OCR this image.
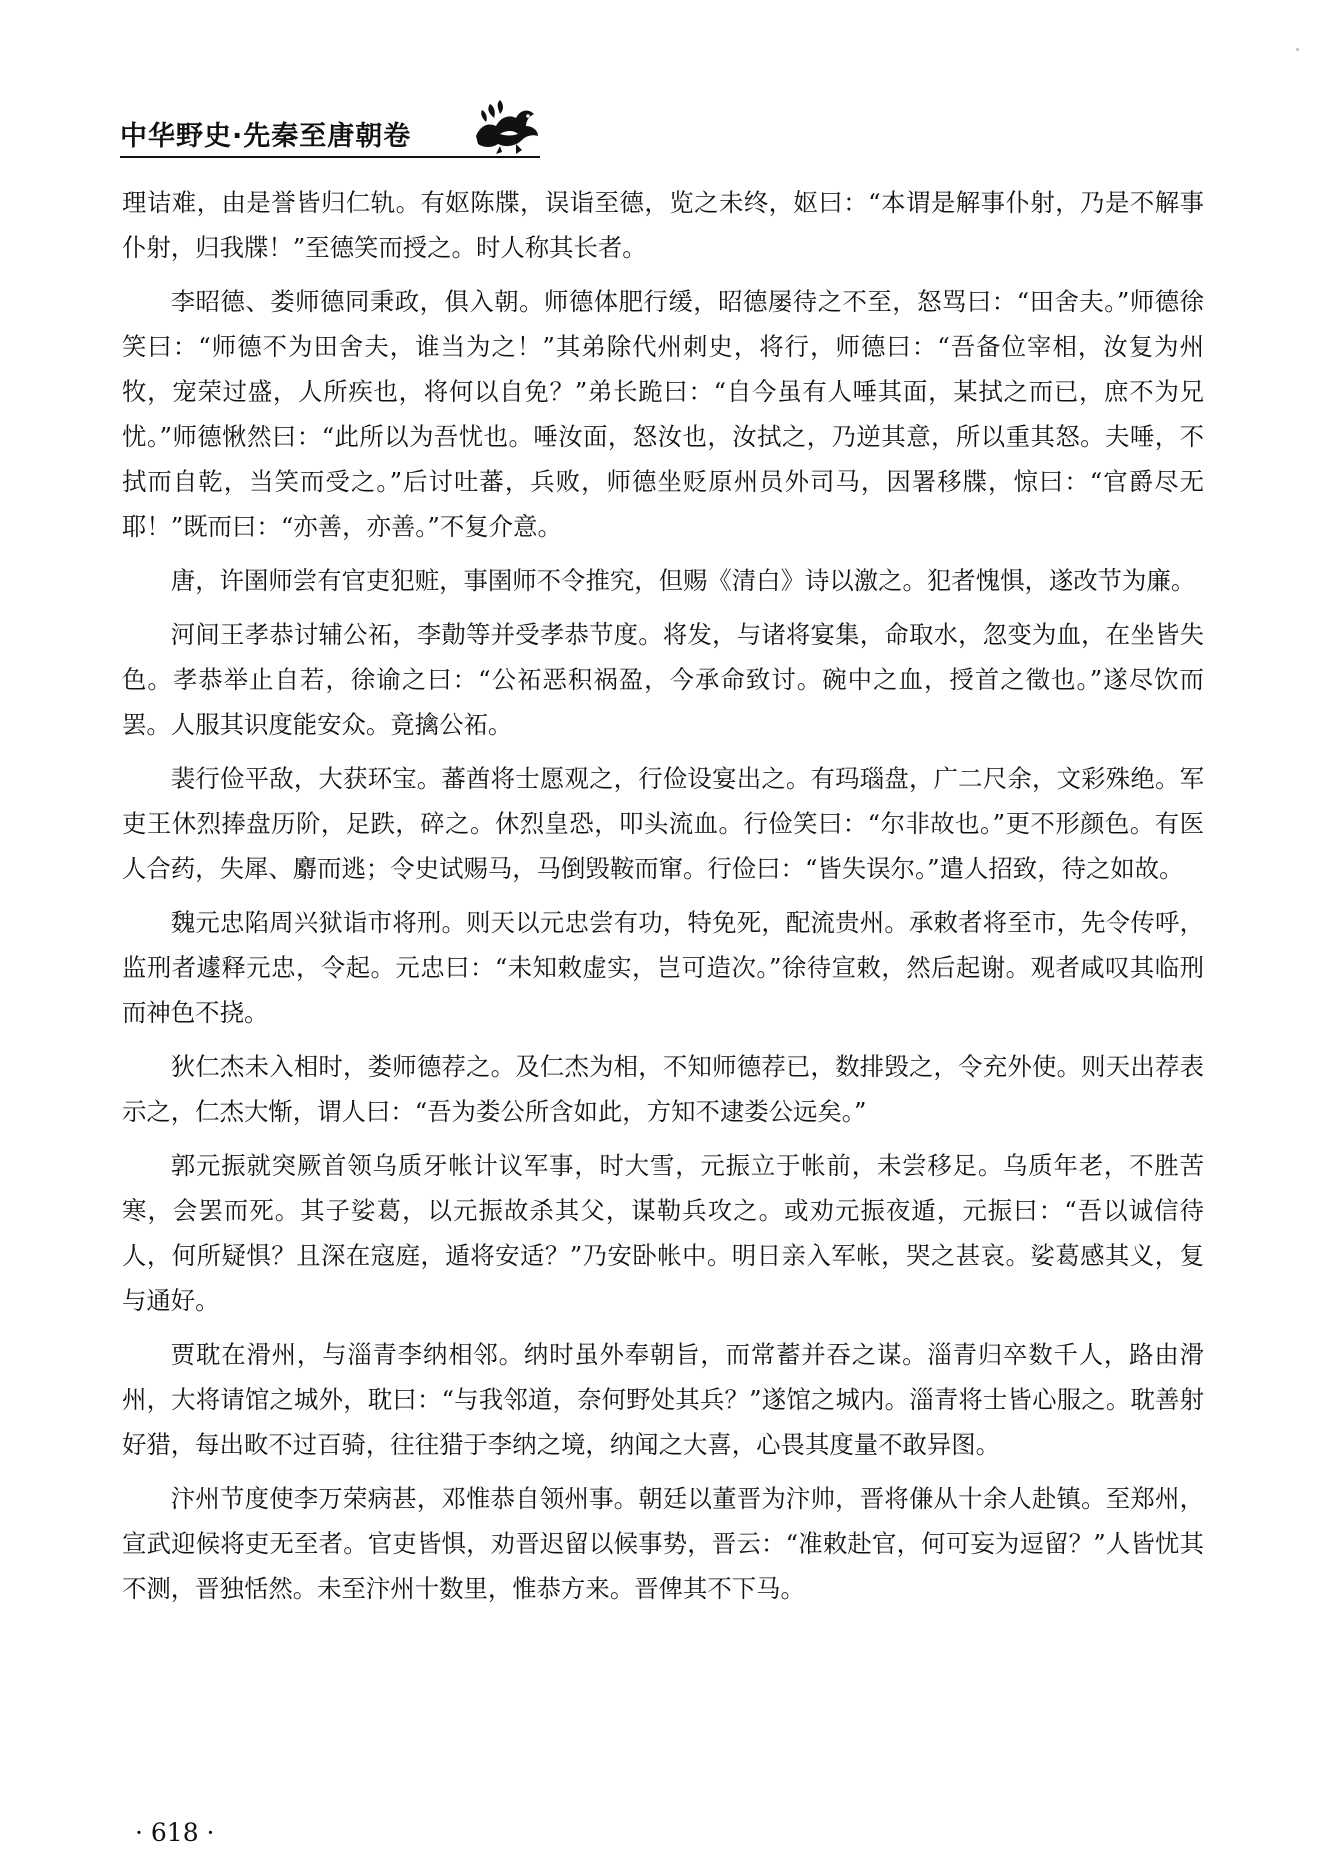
中华野史·先秦至唐朝卷

理诘难，由是誉皆归仁轨。有妪陈牒，误诣至德，览之未终，妪曰：“本谓是解事仆射，乃是不解事仆射，归我牒！”至德笑而授之。时人称其长者。

李昭德、娄师德同秉政，俱入朝。师德体肥行缓，昭德屡待之不至，怒骂曰：“田舍夫。”师德徐笑曰：“师德不为田舍夫，谁当为之！”其弟除代州刺史，将行，师德曰：“吾备位宰相，汝复为州牧，宠荣过盛，人所疾也，将何以自免？”弟长跪曰：“自今虽有人唾其面，某拭之而已，庶不为兄忧。”师德愀然曰：“此所以为吾忧也。唾汝面，怒汝也，汝拭之，乃逆其意，所以重其怒。夫唾，不拭而自乾，当笑而受之。”后讨吐蕃，兵败，师德坐贬原州员外司马，因署移牒，惊曰：“官爵尽无耶！”既而曰：“亦善，亦善。”不复介意。

唐，许圉师尝有官吏犯赃，事圉师不令推究，但赐《清白》诗以激之。犯者愧惧，遂改节为廉。

河间王孝恭讨辅公祏，李勣等并受孝恭节度。将发，与诸将宴集，命取水，忽变为血，在坐皆失色。孝恭举止自若，徐谕之曰：“公祏恶积祸盈，今承命致讨。碗中之血，授首之徵也。”遂尽饮而罢。人服其识度能安众。竟擒公祏。

裴行俭平敌，大获环宝。蕃酋将士愿观之，行俭设宴出之。有玛瑙盘，广二尺余，文彩殊绝。军吏王休烈捧盘历阶，足跌，碎之。休烈皇恐，叩头流血。行俭笑曰：“尔非故也。”更不形颜色。有医人合药，失犀、麝而逃；令史试赐马，马倒毁鞍而窜。行俭曰：“皆失误尔。”遣人招致，待之如故。

魏元忠陷周兴狱诣市将刑。则天以元忠尝有功，特免死，配流贵州。承敕者将至市，先令传呼，监刑者遽释元忠，令起。元忠曰：“未知敕虚实，岂可造次。”徐待宣敕，然后起谢。观者咸叹其临刑而神色不挠。

狄仁杰未入相时，娄师德荐之。及仁杰为相，不知师德荐已，数排毁之，令充外使。则天出荐表示之，仁杰大惭，谓人曰：“吾为娄公所含如此，方知不逮娄公远矣。”

郭元振就突厥首领乌质牙帐计议军事，时大雪，元振立于帐前，未尝移足。乌质年老，不胜苦寒，会罢而死。其子娑葛，以元振故杀其父，谋勒兵攻之。或劝元振夜遁，元振曰：“吾以诚信待人，何所疑惧？且深在寇庭，遁将安适？”乃安卧帐中。明日亲入军帐，哭之甚哀。娑葛感其义，复与通好。

贾耽在滑州，与淄青李纳相邻。纳时虽外奉朝旨，而常蓄并吞之谋。淄青归卒数千人，路由滑州，大将请馆之城外，耽曰：“与我邻道，奈何野处其兵？”遂馆之城内。淄青将士皆心服之。耽善射好猎，每出畋不过百骑，往往猎于李纳之境，纳闻之大喜，心畏其度量不敢异图。

汴州节度使李万荣病甚，邓惟恭自领州事。朝廷以董晋为汴帅，晋将傔从十余人赴镇。至郑州，宣武迎候将吏无至者。官吏皆惧，劝晋迟留以候事势，晋云：“准敕赴官，何可妄为逗留？”人皆忧其不测，晋独恬然。未至汴州十数里，惟恭方来。晋俾其不下马。

· 618 ·
